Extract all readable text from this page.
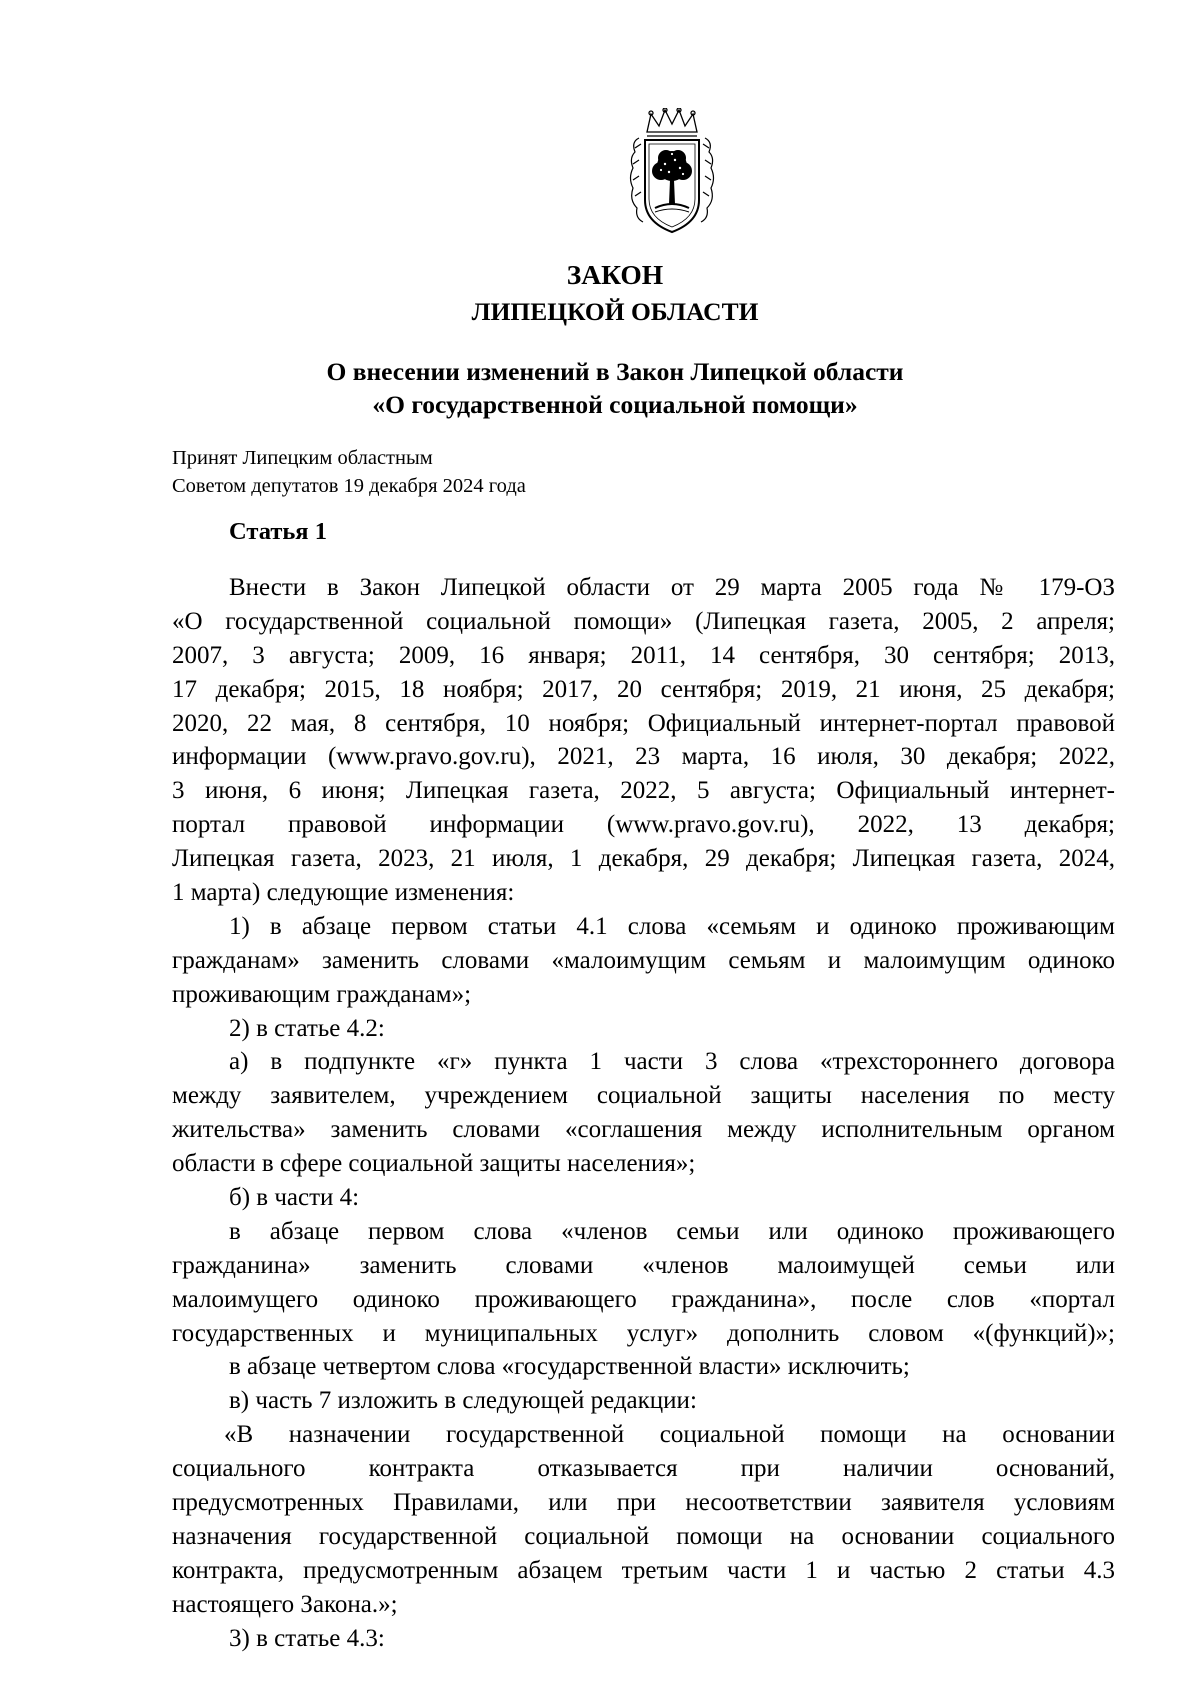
ЗАКОН
ЛИПЕЦКОЙ ОБЛАСТИ
О внесении изменений в Закон Липецкой области
«О государственной социальной помощи»
Принят Липецким областным
Советом депутатов 19 декабря 2024 года
Статья 1
Внести в Закон Липецкой области от 29 марта 2005 года № 179-ОЗ
«О государственной социальной помощи» (Липецкая газета, 2005, 2 апреля;
2007, 3 августа; 2009, 16 января; 2011, 14 сентября, 30 сентября; 2013,
17 декабря; 2015, 18 ноября; 2017, 20 сентября; 2019, 21 июня, 25 декабря;
2020, 22 мая, 8 сентября, 10 ноября; Официальный интернет-портал правовой
информации (www.pravo.gov.ru), 2021, 23 марта, 16 июля, 30 декабря; 2022,
3 июня, 6 июня; Липецкая газета, 2022, 5 августа; Официальный интернет-
портал правовой информации (www.pravo.gov.ru), 2022, 13 декабря;
Липецкая газета, 2023, 21 июля, 1 декабря, 29 декабря; Липецкая газета, 2024,
1 марта) следующие изменения:
1) в абзаце первом статьи 4.1 слова «семьям и одиноко проживающим
гражданам» заменить словами «малоимущим семьям и малоимущим одиноко
проживающим гражданам»;
2) в статье 4.2:
а) в подпункте «г» пункта 1 части 3 слова «трехстороннего договора
между заявителем, учреждением социальной защиты населения по месту
жительства» заменить словами «соглашения между исполнительным органом
области в сфере социальной защиты населения»;
б) в части 4:
в абзаце первом слова «членов семьи или одиноко проживающего
гражданина» заменить словами «членов малоимущей семьи или
малоимущего одиноко проживающего гражданина», после слов «портал
государственных и муниципальных услуг» дополнить словом «(функций)»;
в абзаце четвертом слова «государственной власти» исключить;
в) часть 7 изложить в следующей редакции:
«В назначении государственной социальной помощи на основании
социального контракта отказывается при наличии оснований,
предусмотренных Правилами, или при несоответствии заявителя условиям
назначения государственной социальной помощи на основании социального
контракта, предусмотренным абзацем третьим части 1 и частью 2 статьи 4.3
настоящего Закона.»;
3) в статье 4.3:
